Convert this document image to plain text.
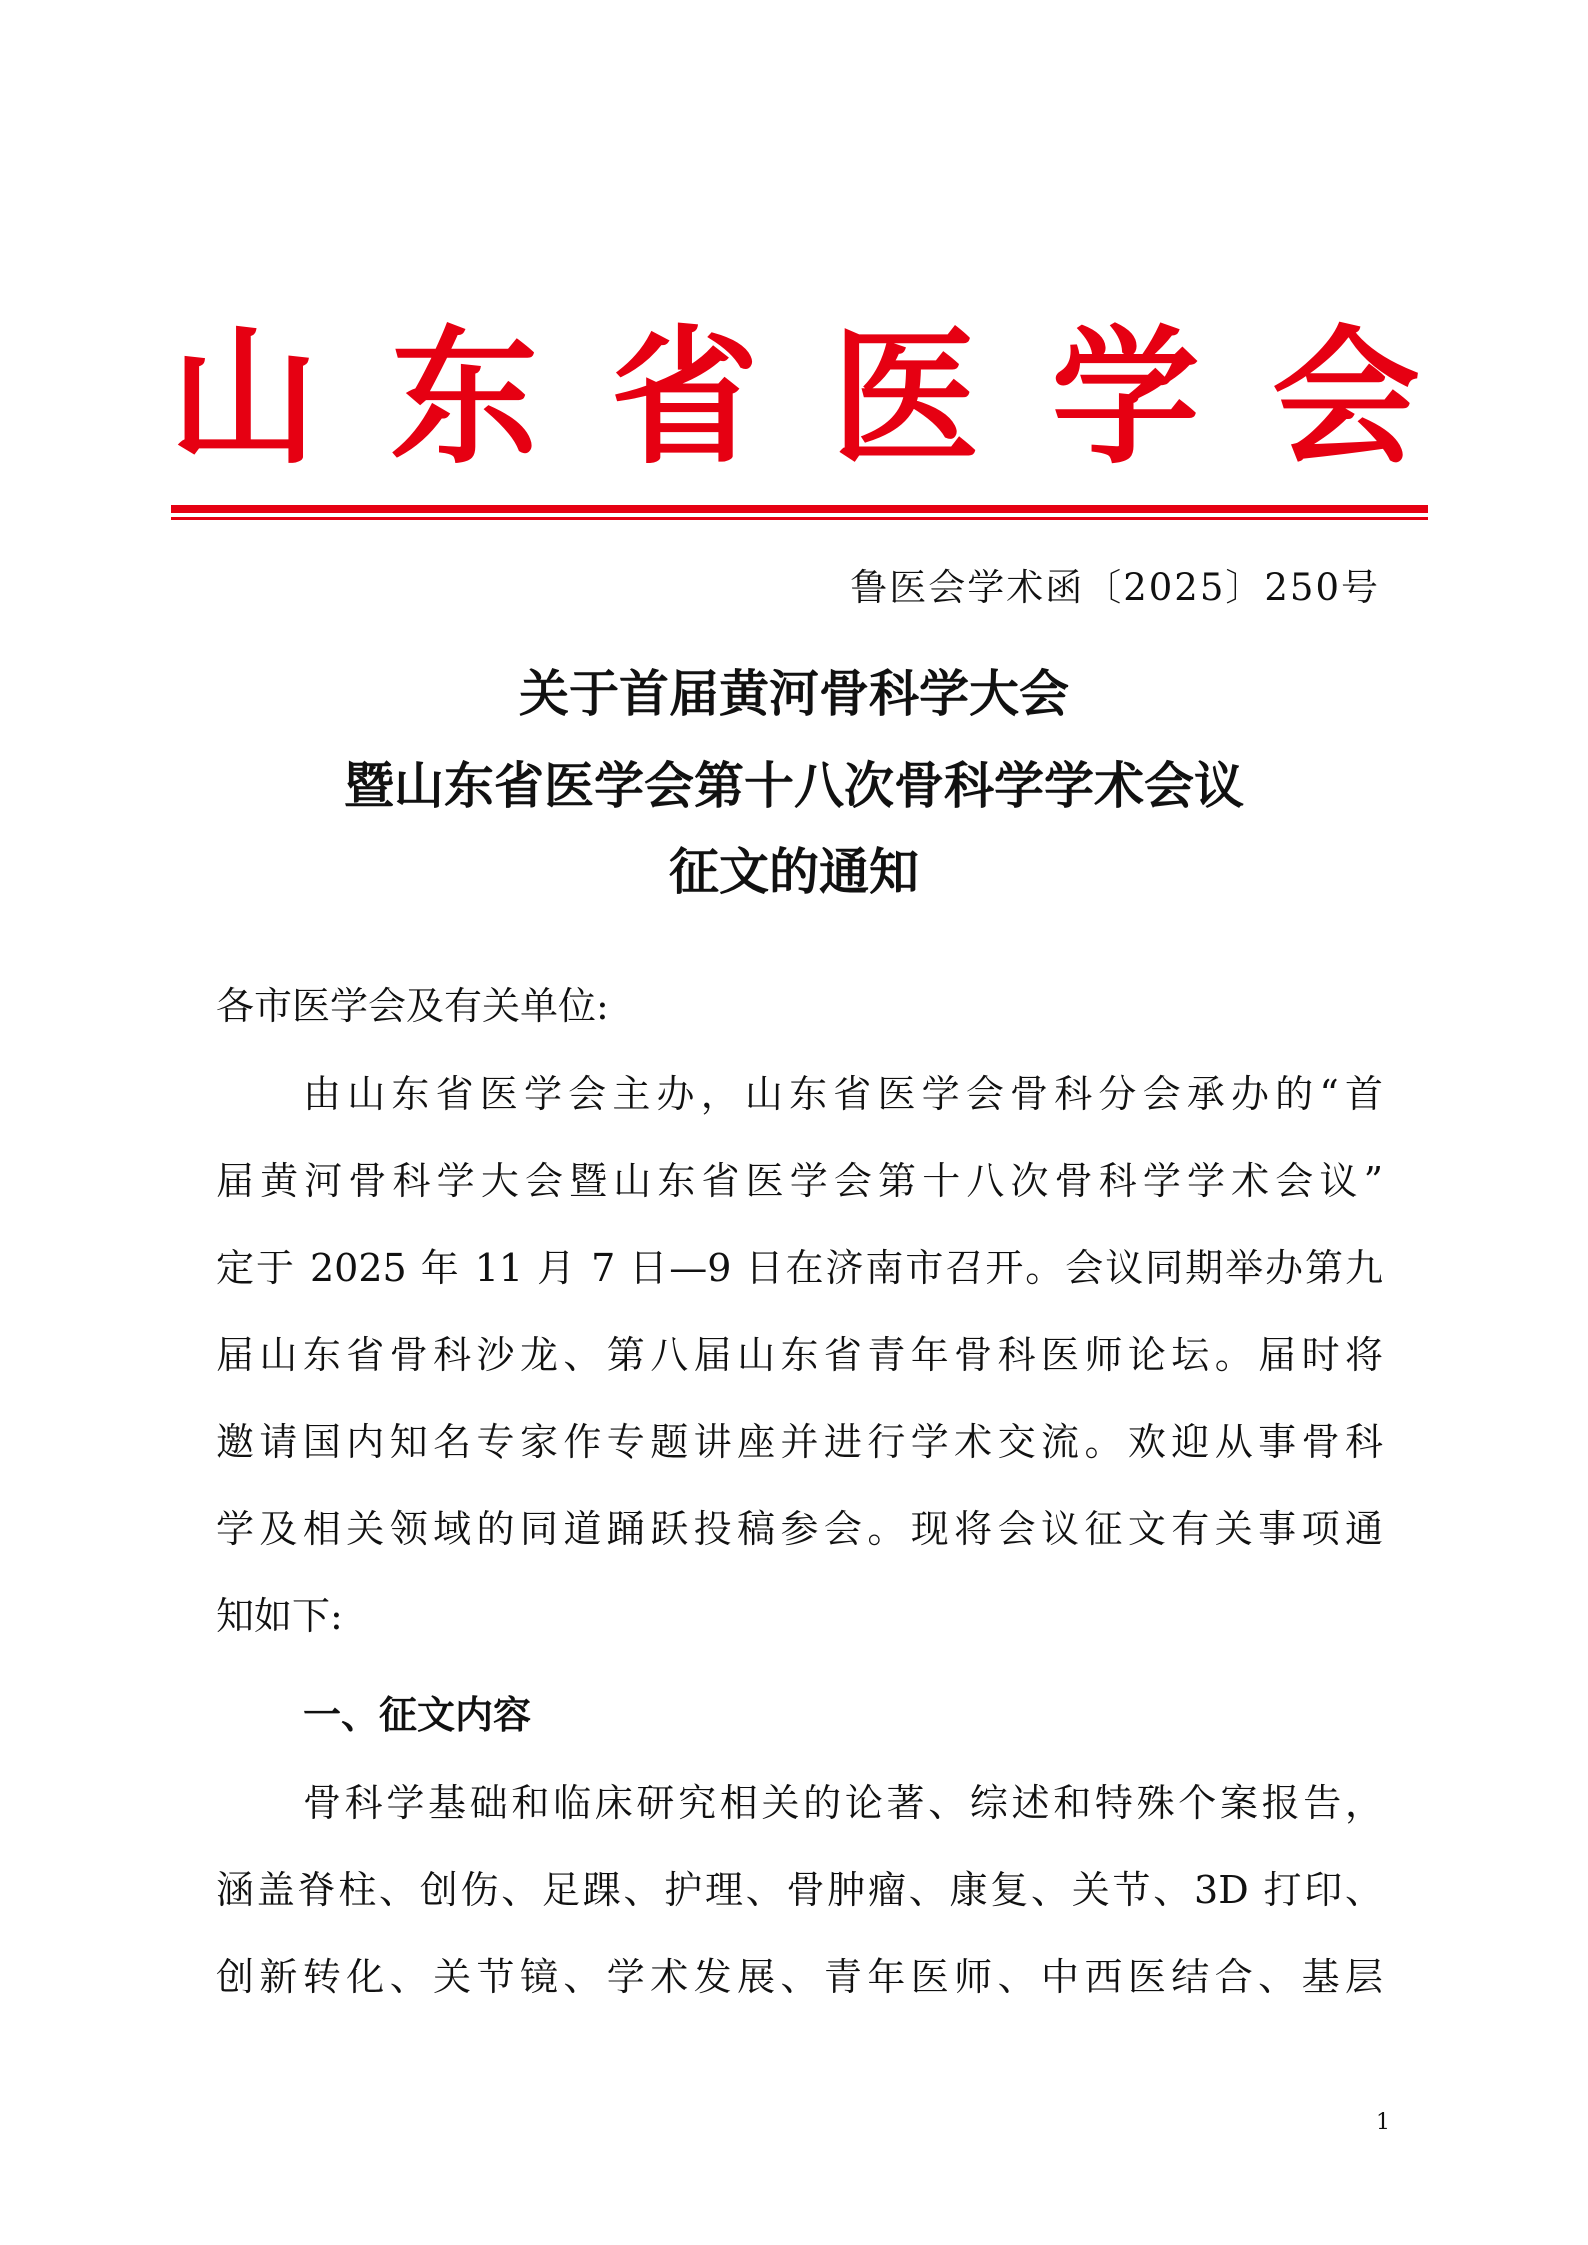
山 东 省 医 学 会
鲁医会学术函〔2025〕250号
关于首届黄河骨科学大会
暨山东省医学会第十八次骨科学学术会议
征文的通知
各市医学会及有关单位:
由山东省医学会主办，山东省医学会骨科分会承办的“首
届黄河骨科学大会暨山东省医学会第十八次骨科学学术会议”
定于 2025 年 11 月 7 日—9 日在济南市召开。会议同期举办第九
届山东省骨科沙龙、第八届山东省青年骨科医师论坛。届时将
邀请国内知名专家作专题讲座并进行学术交流。欢迎从事骨科
学及相关领域的同道踊跃投稿参会。现将会议征文有关事项通
知如下:
一、征文内容
骨科学基础和临床研究相关的论著、综述和特殊个案报告，
涵盖脊柱、创伤、足踝、护理、骨肿瘤、康复、关节、3D 打印、
创新转化、关节镜、学术发展、青年医师、中西医结合、基层
1
